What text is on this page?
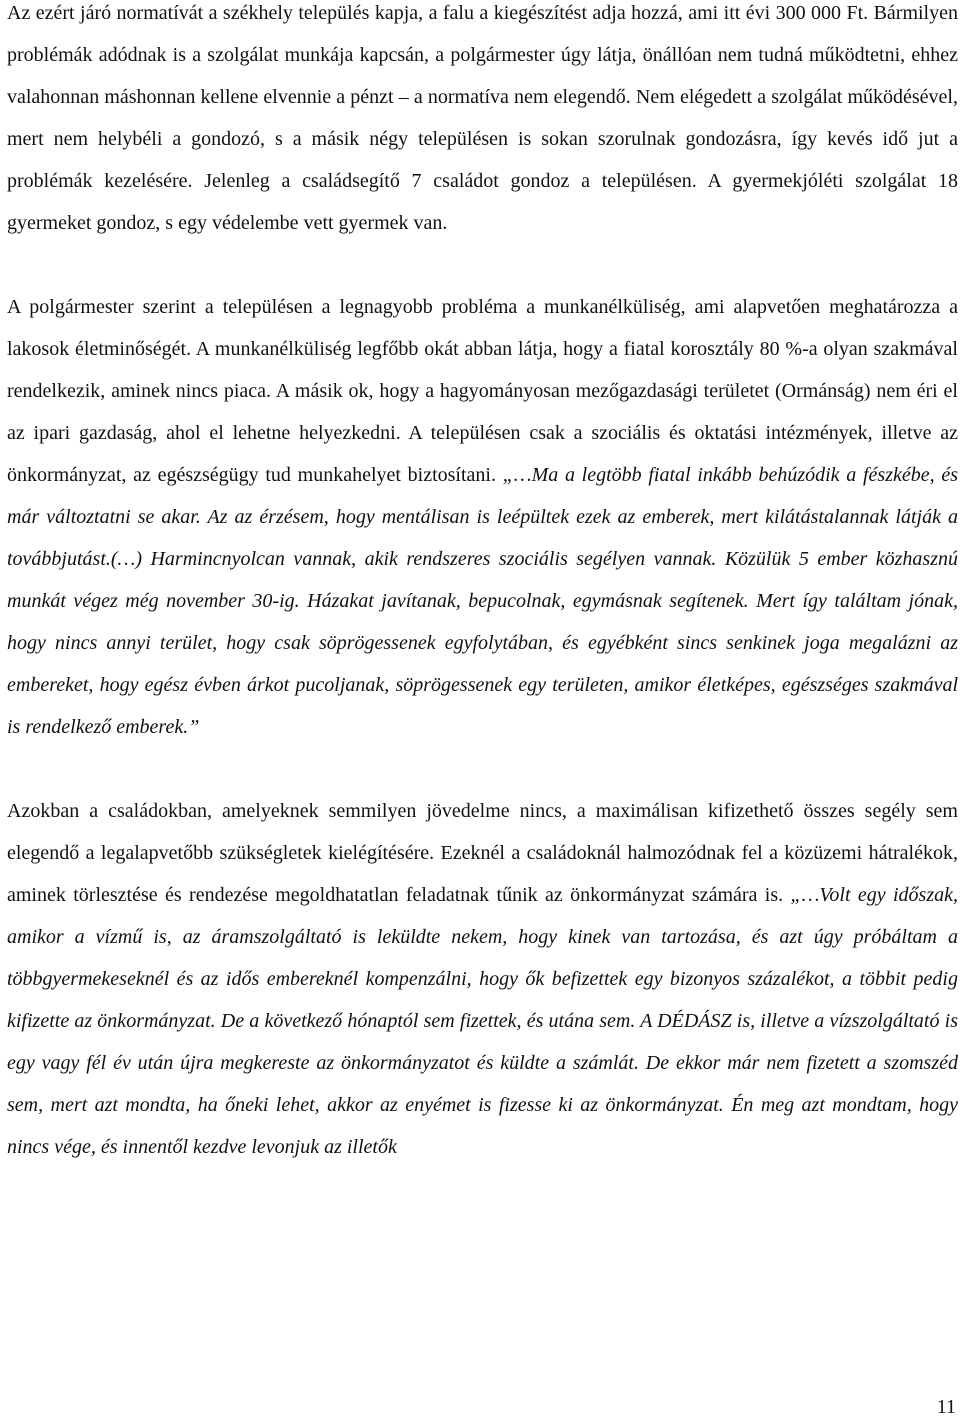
Az ezért járó normatívát a székhely település kapja, a falu a kiegészítést adja hozzá, ami itt évi 300 000 Ft. Bármilyen problémák adódnak is a szolgálat munkája kapcsán, a polgármester úgy látja, önállóan nem tudná működtetni, ehhez valahonnan máshonnan kellene elvennie a pénzt – a normatíva nem elegendő. Nem elégedett a szolgálat működésével, mert nem helybéli a gondozó, s a másik négy településen is sokan szorulnak gondozásra, így kevés idő jut a problémák kezelésére. Jelenleg a családsegítő 7 családot gondoz a településen. A gyermekjóléti szolgálat 18 gyermeket gondoz, s egy védelembe vett gyermek van.

A polgármester szerint a településen a legnagyobb probléma a munkanélküliség, ami alapvetően meghatározza a lakosok életminőségét. A munkanélküliség legfőbb okát abban látja, hogy a fiatal korosztály 80 %-a olyan szakmával rendelkezik, aminek nincs piaca. A másik ok, hogy a hagyományosan mezőgazdasági területet (Ormánság) nem éri el az ipari gazdaság, ahol el lehetne helyezkedni. A településen csak a szociális és oktatási intézmények, illetve az önkormányzat, az egészségügy tud munkahelyet biztosítani. „…Ma a legtöbb fiatal inkább behúzódik a fészkébe, és már változtatni se akar. Az az érzésem, hogy mentálisan is leépültek ezek az emberek, mert kilátástalannak látják a továbbjutást.(…) Harmincnyolcan vannak, akik rendszeres szociális segélyen vannak. Közülük 5 ember közhasznú munkát végez még november 30-ig. Házakat javítanak, bepucolnak, egymásnak segítenek. Mert így találtam jónak, hogy nincs annyi terület, hogy csak söprögessenek egyfolytában, és egyébként sincs senkinek joga megalázni az embereket, hogy egész évben árkot pucoljanak, söprögessenek egy területen, amikor életképes, egészséges szakmával is rendelkező emberek.”

Azokban a családokban, amelyeknek semmilyen jövedelme nincs, a maximálisan kifizethető összes segély sem elegendő a legalapvetőbb szükségletek kielégítésére. Ezeknél a családoknál halmozódnak fel a közüzemi hátralékok, aminek törlesztése és rendezése megoldhatatlan feladatnak tűnik az önkormányzat számára is. „…Volt egy időszak, amikor a vízmű is, az áramszolgáltató is leküldte nekem, hogy kinek van tartozása, és azt úgy próbáltam a többgyermekeseknél és az idős embereknél kompenzálni, hogy ők befizettek egy bizonyos százalékot, a többit pedig kifizette az önkormányzat. De a következő hónaptól sem fizettek, és utána sem. A DÉDÁSZ is, illetve a vízszolgáltató is egy vagy fél év után újra megkereste az önkormányzatot és küldte a számlát. De ekkor már nem fizetett a szomszéd sem, mert azt mondta, ha őneki lehet, akkor az enyémet is fizesse ki az önkormányzat. Én meg azt mondtam, hogy nincs vége, és innentől kezdve levonjuk az illetők

11
